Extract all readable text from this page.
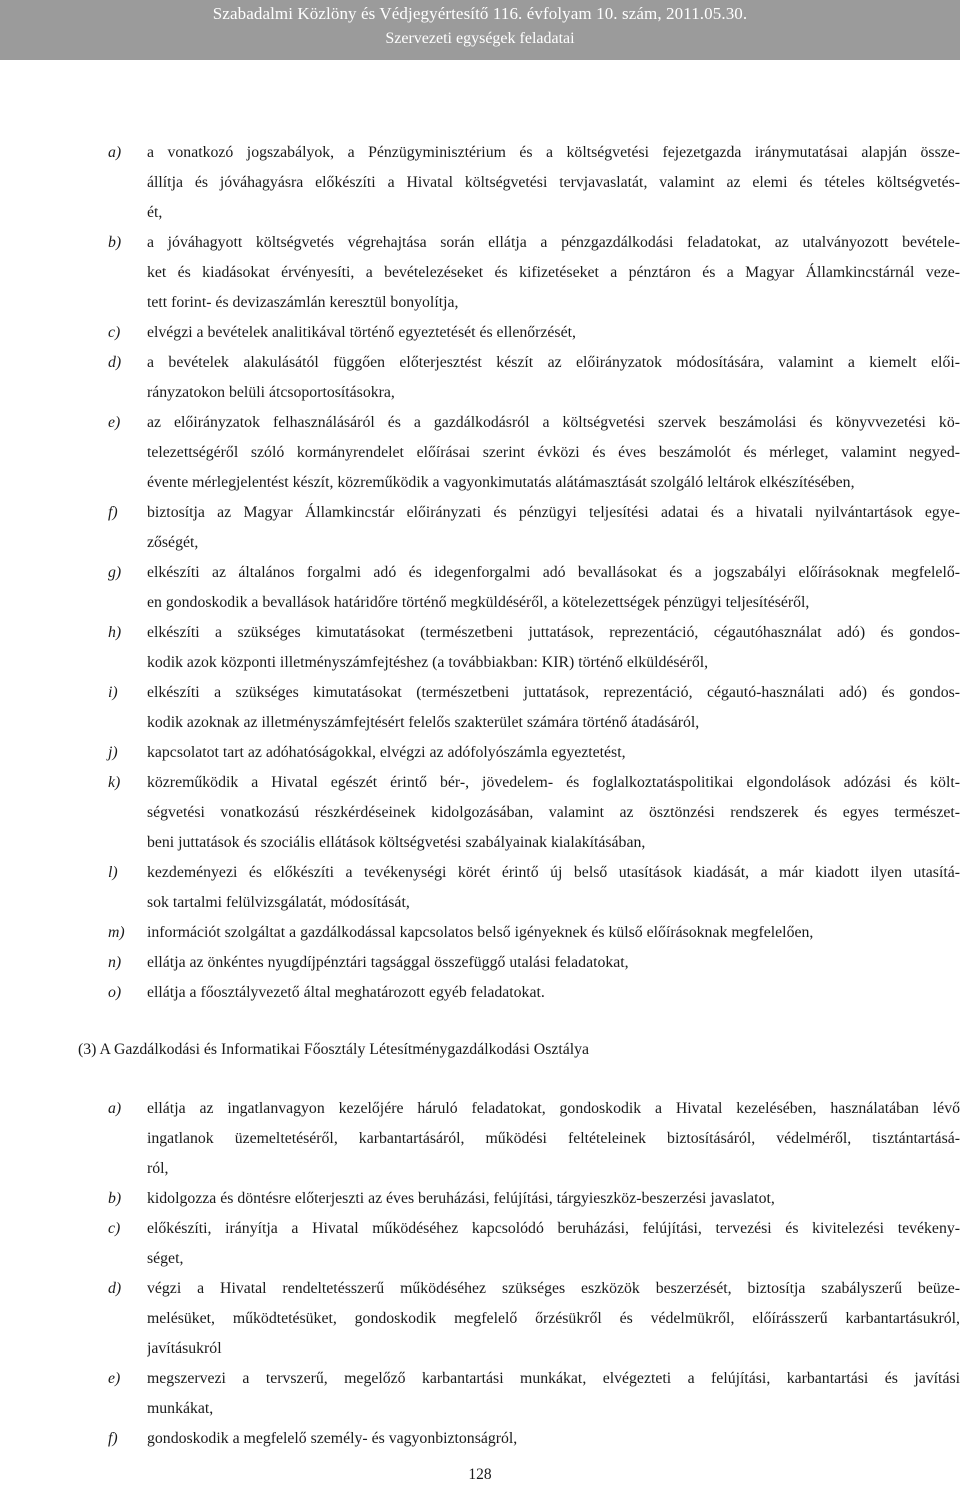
Szabadalmi Közlöny és Védjegyértesítő 116. évfolyam 10. szám, 2011.05.30.
Szervezeti egységek feladatai
a) a vonatkozó jogszabályok, a Pénzügyminisztérium és a költségvetési fejezetgazda iránymutatásai alapján össze-
állítja és jóváhagyásra előkészíti a Hivatal költségvetési tervjavaslatát, valamint az elemi és tételes költségvetés-
ét,
b) a jóváhagyott költségvetés végrehajtása során ellátja a pénzgazdálkodási feladatokat, az utalványozott bevétele-
ket és kiadásokat érvényesíti, a bevételezéseket és kifizetéseket a pénztáron és a Magyar Államkincstárnál veze-
tett forint- és devizaszámlán keresztül bonyolítja,
c) elvégzi a bevételek analitikával történő egyeztetését és ellenőrzését,
d) a bevételek alakulásától függően előterjesztést készít az előirányzatok módosítására, valamint a kiemelt elői-
rányzatokon belüli átcsoportosításokra,
e) az előirányzatok felhasználásáról és a gazdálkodásról a költségvetési szervek beszámolási és könyvvezetési kö-
telezettségéről szóló kormányrendelet előírásai szerint évközi és éves beszámolót és mérleget, valamint negyed-
évente mérlegjelentést készít, közreműködik a vagyonkimutatás alátámasztását szolgáló leltárok elkészítésében,
f) biztosítja az Magyar Államkincstár előirányzati és pénzügyi teljesítési adatai és a hivatali nyilvántartások egye-
zőségét,
g) elkészíti az általános forgalmi adó és idegenforgalmi adó bevallásokat és a jogszabályi előírásoknak megfelelő-
en gondoskodik a bevallások határidőre történő megküldéséről, a kötelezettségek pénzügyi teljesítéséről,
h) elkészíti a szükséges kimutatásokat (természetbeni juttatások, reprezentáció, cégautóhasználat adó) és gondos-
kodik azok központi illetményszámfejtéshez (a továbbiakban: KIR) történő elküldéséről,
i) elkészíti a szükséges kimutatásokat (természetbeni juttatások, reprezentáció, cégautó-használati adó) és gondos-
kodik azoknak az illetményszámfejtésért felelős szakterület számára történő átadásáról,
j) kapcsolatot tart az adóhatóságokkal, elvégzi az adófolyószámla egyeztetést,
k) közreműködik a Hivatal egészét érintő bér-, jövedelem- és foglalkoztatáspolitikai elgondolások adózási és költ-
ségvetési vonatkozású részkérdéseinek kidolgozásában, valamint az ösztönzési rendszerek és egyes természet-
beni juttatások és szociális ellátások költségvetési szabályainak kialakításában,
l) kezdeményezi és előkészíti a tevékenységi körét érintő új belső utasítások kiadását, a már kiadott ilyen utasítá-
sok tartalmi felülvizsgálatát, módosítását,
m) információt szolgáltat a gazdálkodással kapcsolatos belső igényeknek és külső előírásoknak megfelelően,
n) ellátja az önkéntes nyugdíjpénztári tagsággal összefüggő utalási feladatokat,
o) ellátja a főosztályvezető által meghatározott egyéb feladatokat.
(3) A Gazdálkodási és Informatikai Főosztály Létesítménygazdálkodási Osztálya
a) ellátja az ingatlanvagyon kezelőjére háruló feladatokat, gondoskodik a Hivatal kezelésében, használatában lévő
ingatlanok üzemeltetéséről, karbantartásáról, működési feltételeinek biztosításáról, védelméről, tisztántartásá-
ról,
b) kidolgozza és döntésre előterjeszti az éves beruházási, felújítási, tárgyieszköz-beszerzési javaslatot,
c) előkészíti, irányítja a Hivatal működéséhez kapcsolódó beruházási, felújítási, tervezési és kivitelezési tevékeny-
séget,
d) végzi a Hivatal rendeltetésszerű működéséhez szükséges eszközök beszerzését, biztosítja szabályszerű beüze-
melésüket, működtetésüket, gondoskodik megfelelő őrzésükről és védelmükről, előírásszerű karbantartásukról,
javításukról
e) megszervezi a tervszerű, megelőző karbantartási munkákat, elvégezteti a felújítási, karbantartási és javítási
munkákat,
f) gondoskodik a megfelelő személy- és vagyonbiztonságról,
128
